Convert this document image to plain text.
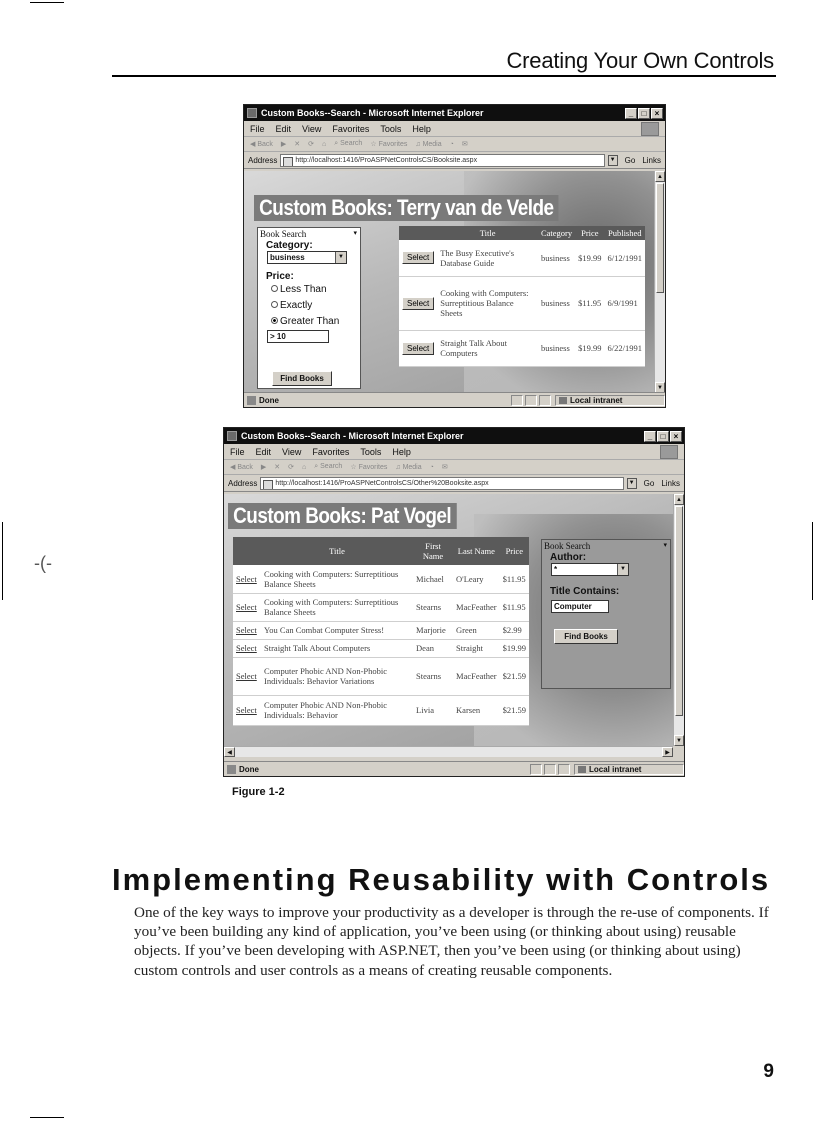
-(-
Creating Your Own Controls
Custom Books--Search - Microsoft Internet Explorer	_	□	×
File Edit View Favorites Tools Help
◀ Back ▶ ✕ ⟳ ⌂ ⌕ Search ☆ Favorites ♫ Media ◔ ✉
Address	http://localhost:1416/ProASPNetControlsCS/Booksite.aspx	▼ Go Links
Custom Books: Terry van de Velde
Book Search	▾
Category:
business	▼
Price:
Less Than
Exactly
Greater Than
> 10
Find Books
	Title	Category	Price	Published
Select	The Busy Executive's Database Guide	business	$19.99	6/12/1991
Select	Cooking with Computers: Surreptitious Balance Sheets	business	$11.95	6/9/1991
Select	Straight Talk About Computers	business	$19.99	6/22/1991
▲
▼
Done	Local intranet
Custom Books--Search - Microsoft Internet Explorer	_	□	×
File Edit View Favorites Tools Help
◀ Back ▶ ✕ ⟳ ⌂ ⌕ Search ☆ Favorites ♫ Media ◔ ✉
Address	http://localhost:1416/ProASPNetControlsCS/Other%20Booksite.aspx	▼ Go Links
Custom Books: Pat Vogel
	Title	First Name	Last Name	Price
Select	Cooking with Computers: Surreptitious Balance Sheets	Michael	O'Leary	$11.95
Select	Cooking with Computers: Surreptitious Balance Sheets	Stearns	MacFeather	$11.95
Select	You Can Combat Computer Stress!	Marjorie	Green	$2.99
Select	Straight Talk About Computers	Dean	Straight	$19.99
Select	Computer Phobic AND Non-Phobic Individuals: Behavior Variations	Stearns	MacFeather	$21.59
Select	Computer Phobic AND Non-Phobic Individuals: Behavior	Livia	Karsen	$21.59
Book Search	▾
Author:
*	▼
Title Contains:
Computer
Find Books
▲
▼
◀	▶
Done	Local intranet
Figure 1-2
Implementing Reusability with Controls

One of the key ways to improve your productivity as a developer is through the re-use of components. If you’ve been building any kind of application, you’ve been using (or thinking about using) reusable objects. If you’ve been developing with ASP.NET, then you’ve been using (or thinking about using) custom controls and user controls as a means of creating reusable components.

9
